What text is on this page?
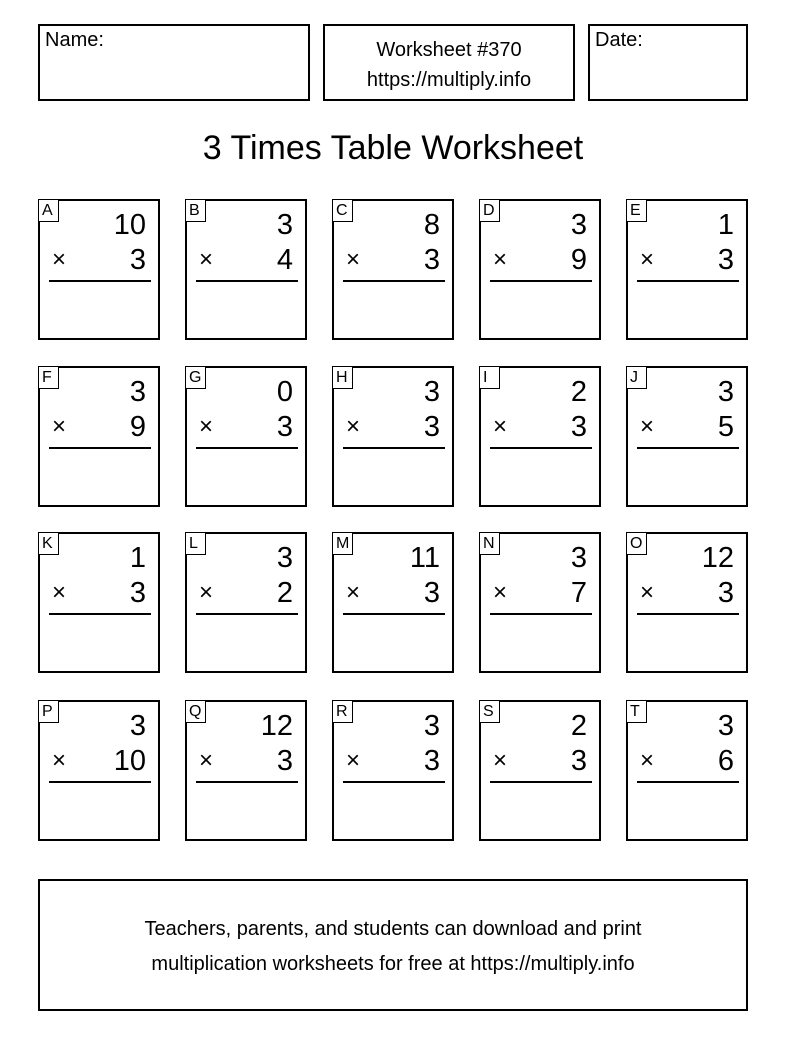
Name:	Worksheet #370
https://multiply.info
Date:
3 Times Table Worksheet
A 10
× 3
B	3
× 4
C	8
× 3
D	3
× 9
E	1
× 3
F	3
× 9
G	0
× 3
H	3
× 3
I	2
× 3
J	3
× 5
K	1
× 3
L	3
× 2
M 11
× 3
N	3
× 7
O 12
× 3
P	3
× 10
Q 12
× 3
R	3
× 3
S	2
× 3
T	3
× 6
Teachers, parents, and students can download and print
multiplication worksheets for free at https://multiply.info
